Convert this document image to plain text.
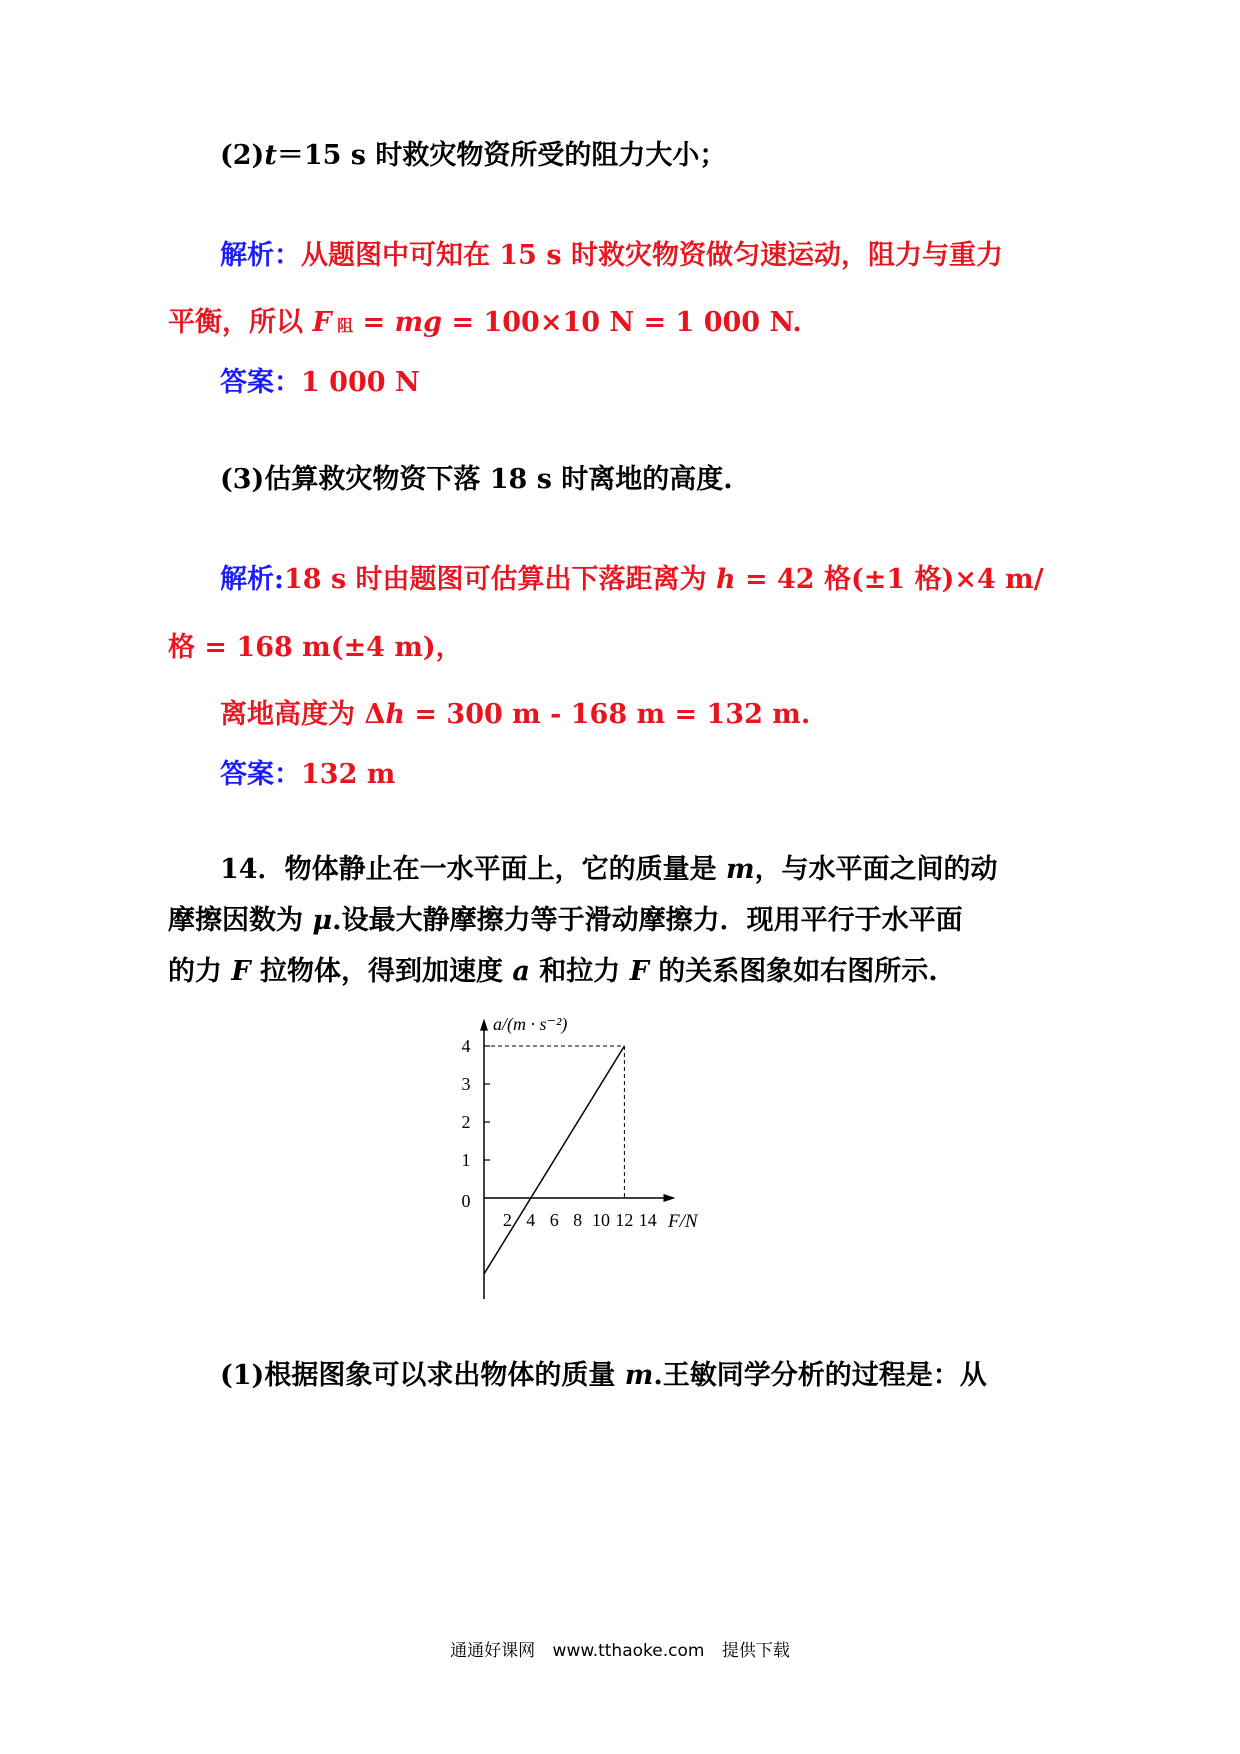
(2)t＝15 s 时救灾物资所受的阻力大小；
解析：从题图中可知在 15 s 时救灾物资做匀速运动，阻力与重力
平衡，所以 F 阻 = mg = 100×10 N = 1 000 N.
答案：1 000 N
(3)估算救灾物资下落 18 s 时离地的高度.
解析:18 s 时由题图可估算出下落距离为 h = 42 格(±1 格)×4 m/
格 = 168 m(±4 m)，
离地高度为 Δh = 300 m - 168 m = 132 m.
答案：132 m
14．物体静止在一水平面上，它的质量是 m，与水平面之间的动
摩擦因数为 μ.设最大静摩擦力等于滑动摩擦力．现用平行于水平面
的力 F 拉物体，得到加速度 a 和拉力 F 的关系图象如右图所示.
0
1
2
3
4
2 4 6 8 10 12 14
a/(m · s⁻²)
F/N
(1)根据图象可以求出物体的质量 m.王敏同学分析的过程是：从
通通好课网 www.tthaoke.com 提供下载
